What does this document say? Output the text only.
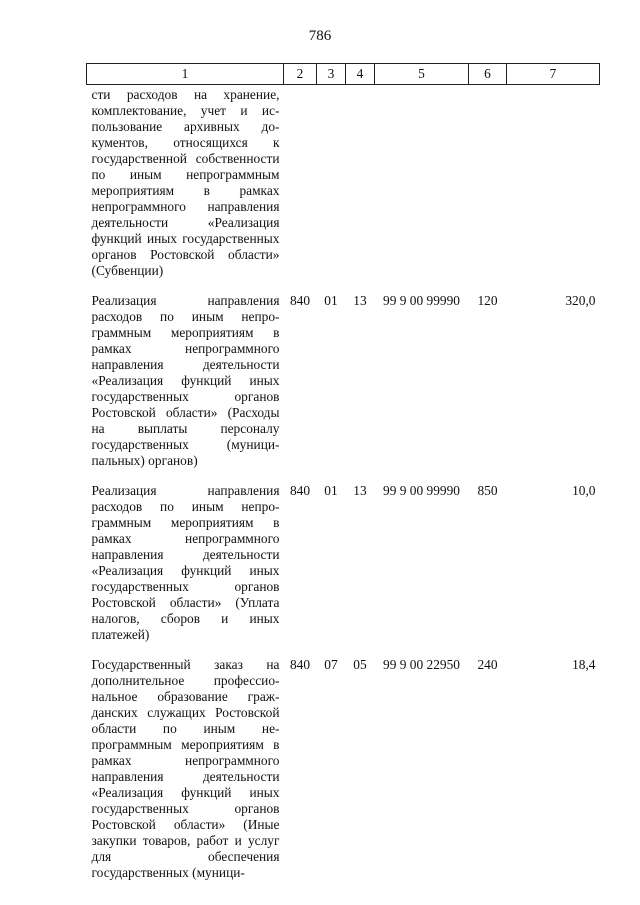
786
1	2	3	4	5	6	7
сти расходов на хранение, комплектование, учет и использование архивных документов, относящихся к государственной собственности по иным непрограммным мероприятиям в рамках непрограммного направления деятельности «Реализация функций иных государственных органов Ростовской области» (Субвенции)						
Реализация направления расходов по иным непрограммным мероприятиям в рамках непрограммного направления деятельности «Реализация функций иных государственных органов Ростовской области» (Расходы на выплаты персоналу государственных (муниципальных) органов)	840	01	13	99 9 00 99990	120	320,0
Реализация направления расходов по иным непрограммным мероприятиям в рамках непрограммного направления деятельности «Реализация функций иных государственных органов Ростовской области» (Уплата налогов, сборов и иных платежей)	840	01	13	99 9 00 99990	850	10,0
Государственный заказ на дополнительное профессиональное образование гражданских служащих Ростовской области по иным непрограммным мероприятиям в рамках непрограммного направления деятельности «Реализация функций иных государственных органов Ростовской области» (Иные закупки товаров, работ и услуг для обеспечения государственных (муници-	840	07	05	99 9 00 22950	240	18,4
